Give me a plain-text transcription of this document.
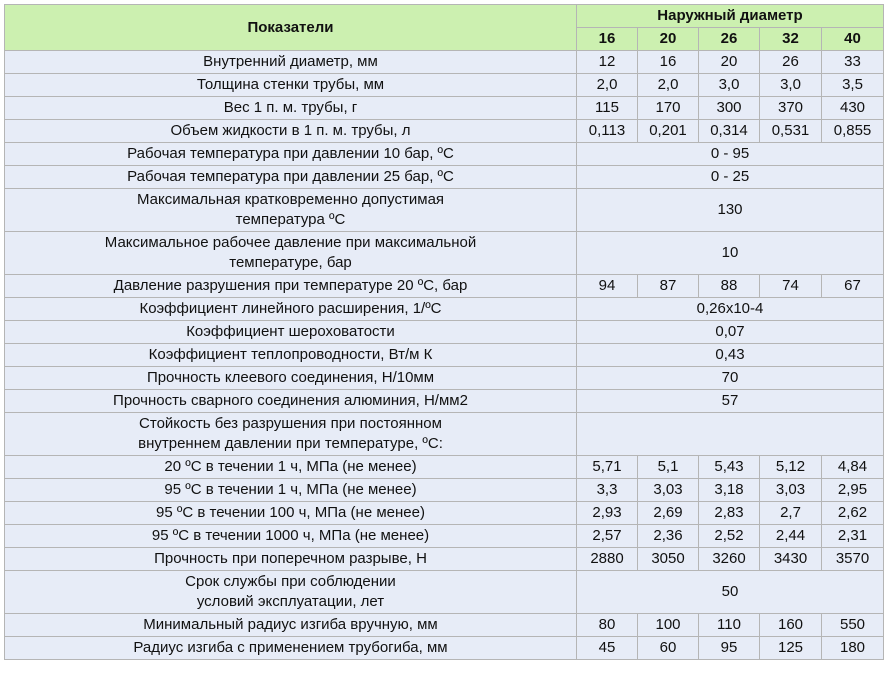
Показатели	Наружный диаметр				
	16	20	26	32	40
Внутренний диаметр, мм	12	16	20	26	33
Толщина стенки трубы, мм	2,0	2,0	3,0	3,0	3,5
Вес 1 п. м. трубы, г	115	170	300	370	430
Объем жидкости в 1 п. м. трубы, л	0,113	0,201	0,314	0,531	0,855
Рабочая температура при давлении 10 бар, ºС	0 - 95				
Рабочая температура при давлении 25 бар, ºС	0 - 25				
Максимальная кратковременно допустимая
температура ºС	130				
Максимальное рабочее давление при максимальной
температуре, бар	10				
Давление разрушения при температуре 20 ºС, бар	94	87	88	74	67
Коэффициент линейного расширения, 1/ºС	0,26х10-4				
Коэффициент шероховатости	0,07				
Коэффициент теплопроводности, Вт/м К	0,43				
Прочность клеевого соединения, Н/10мм	70				
Прочность сварного соединения алюминия, Н/мм2	57				
Стойкость без разрушения при постоянном
внутреннем давлении при температуре, ºС:					
20 ºС в течении 1 ч, МПа (не менее)	5,71	5,1	5,43	5,12	4,84
95 ºС в течении 1 ч, МПа (не менее)	3,3	3,03	3,18	3,03	2,95
95 ºС в течении 100 ч, МПа (не менее)	2,93	2,69	2,83	2,7	2,62
95 ºС в течении 1000 ч, МПа (не менее)	2,57	2,36	2,52	2,44	2,31
Прочность при поперечном разрыве, Н	2880	3050	3260	3430	3570
Срок службы при соблюдении
условий эксплуатации, лет	50				
Минимальный радиус изгиба вручную, мм	80	100	110	160	550
Радиус изгиба с применением трубогиба, мм	45	60	95	125	180
